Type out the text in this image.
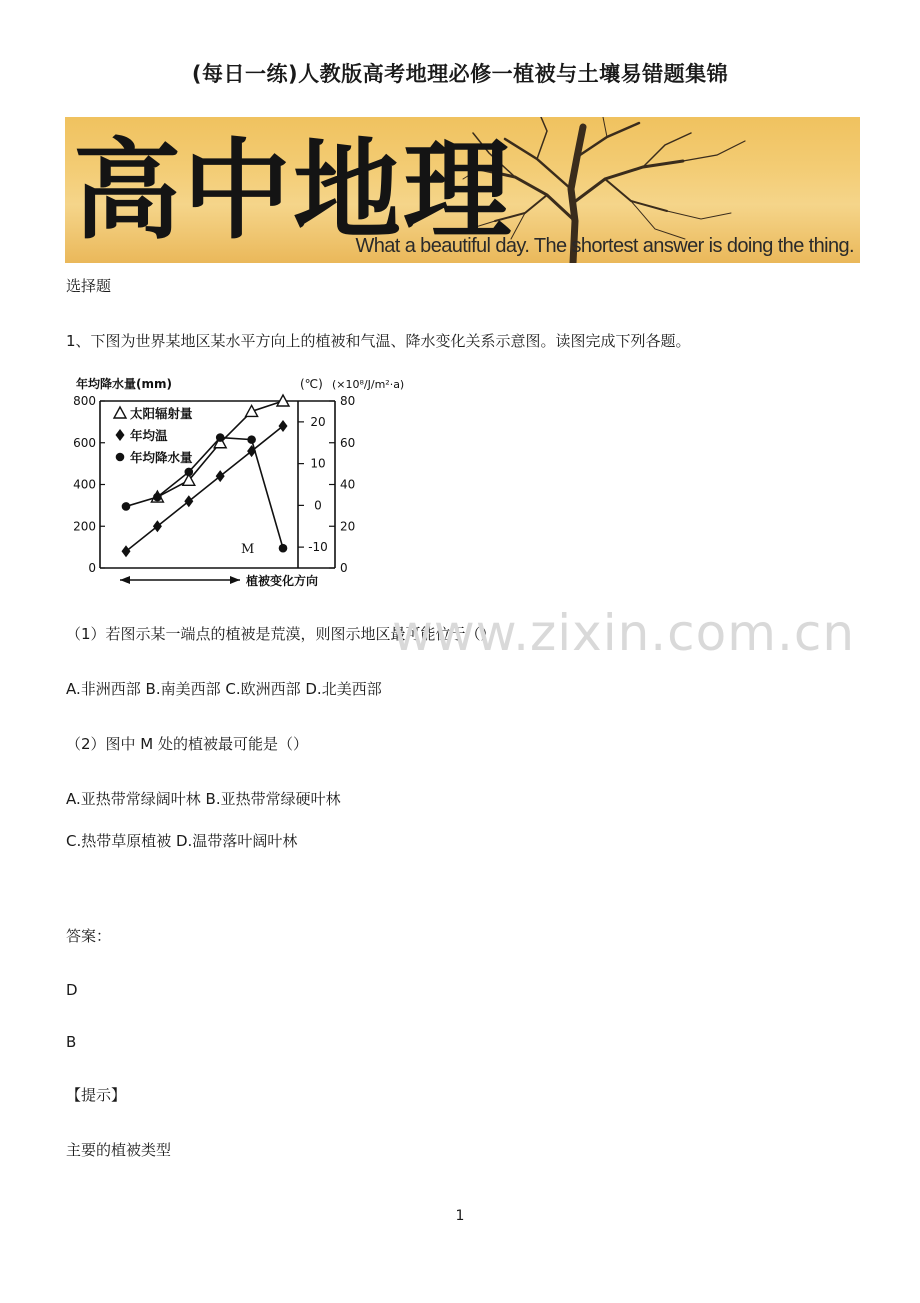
(每日一练)人教版高考地理必修一植被与土壤易错题集锦
高中地理
What a beautiful day. The shortest answer is doing the thing.
选择题
1、下图为世界某地区某水平方向上的植被和气温、降水变化关系示意图。读图完成下列各题。
年均降水量(mm)	(℃) (×10⁸/J/m²·a)
800
600
400
200
0
20
10
0
-10
80
60
40
20
0
太阳辐射量
年均温
年均降水量
M
植被变化方向
（1）若图示某一端点的植被是荒漠，则图示地区最可能位于（）
A.非洲西部 B.南美西部 C.欧洲西部 D.北美西部
（2）图中 M 处的植被最可能是（）
A.亚热带常绿阔叶林 B.亚热带常绿硬叶林
C.热带草原植被 D.温带落叶阔叶林
答案：
D
B
【提示】
主要的植被类型
www.zixin.com.cn
1
